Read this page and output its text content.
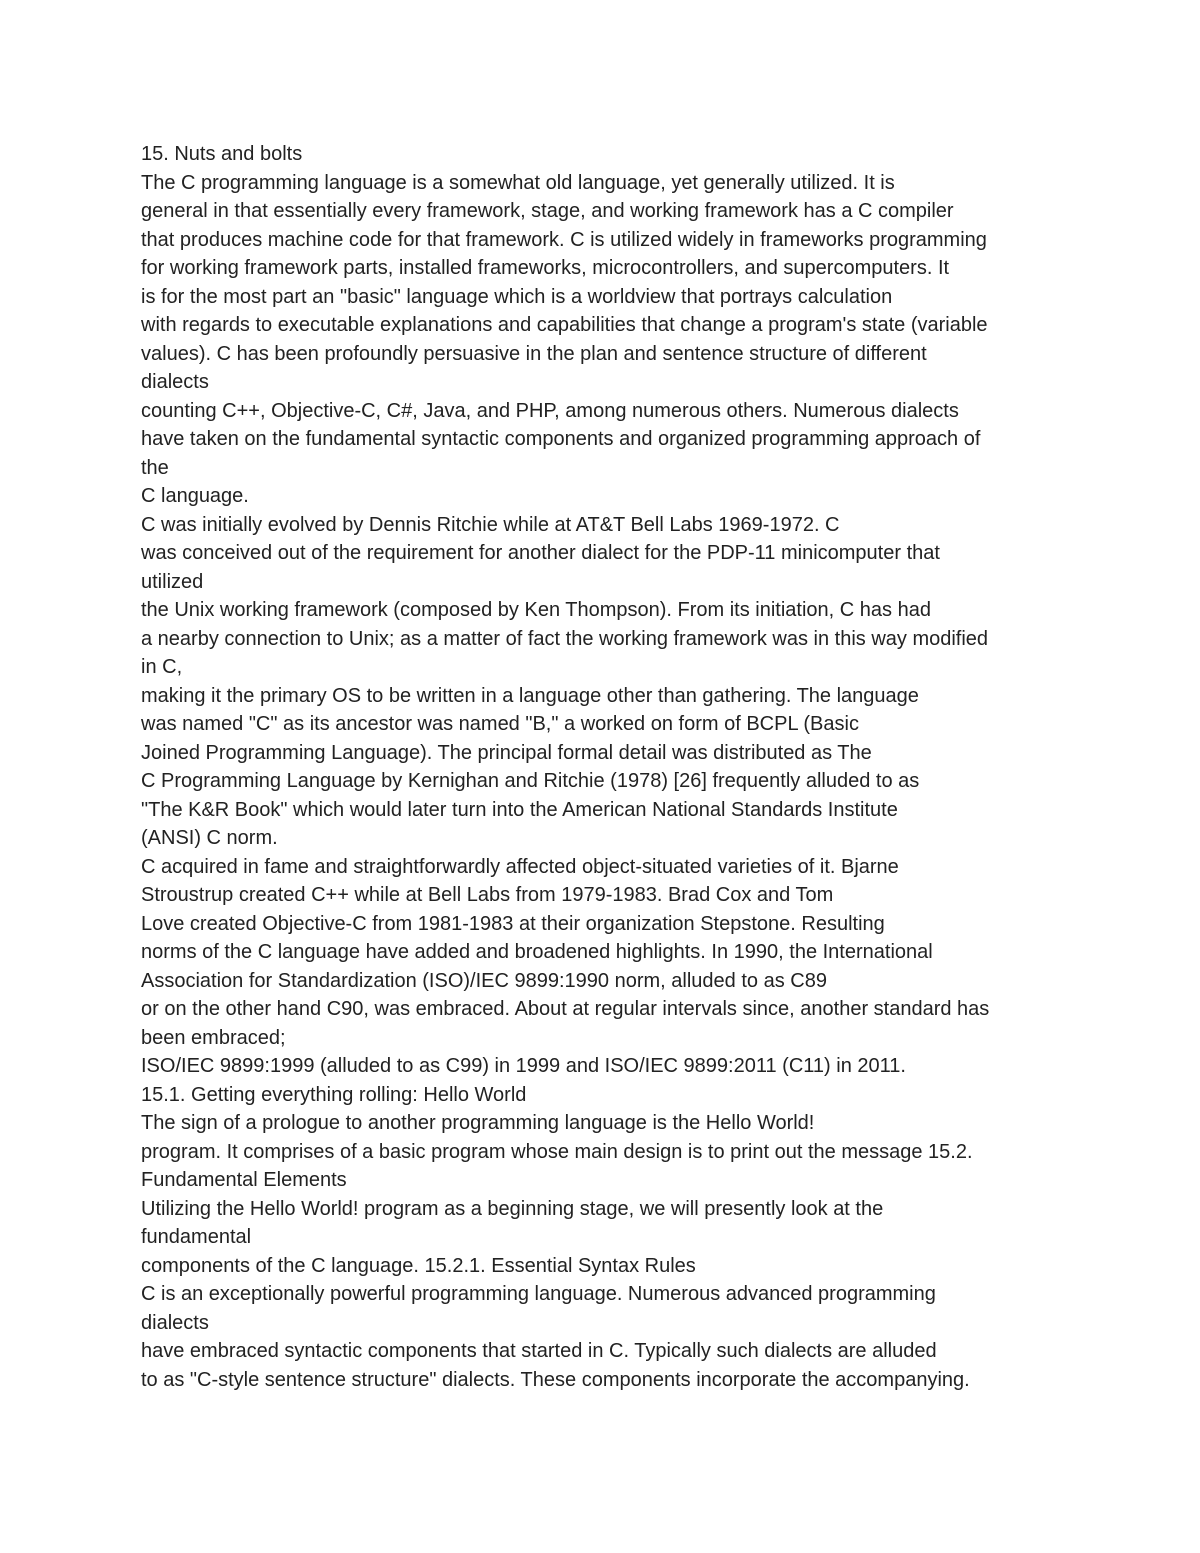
15. Nuts and bolts
The C programming language is a somewhat old language, yet generally utilized. It is
general in that essentially every framework, stage, and working framework has a C compiler
that produces machine code for that framework. C is utilized widely in frameworks programming
for working framework parts, installed frameworks, microcontrollers, and supercomputers. It
is for the most part an "basic" language which is a worldview that portrays calculation
with regards to executable explanations and capabilities that change a program's state (variable
values). C has been profoundly persuasive in the plan and sentence structure of different
dialects
counting C++, Objective-C, C#, Java, and PHP, among numerous others. Numerous dialects
have taken on the fundamental syntactic components and organized programming approach of
the
C language.
C was initially evolved by Dennis Ritchie while at AT&T Bell Labs 1969-1972. C
was conceived out of the requirement for another dialect for the PDP-11 minicomputer that
utilized
the Unix working framework (composed by Ken Thompson). From its initiation, C has had
a nearby connection to Unix; as a matter of fact the working framework was in this way modified
in C,
making it the primary OS to be written in a language other than gathering. The language
was named "C" as its ancestor was named "B," a worked on form of BCPL (Basic
Joined Programming Language). The principal formal detail was distributed as The
C Programming Language by Kernighan and Ritchie (1978) [26] frequently alluded to as
"The K&R Book" which would later turn into the American National Standards Institute
(ANSI) C norm.
C acquired in fame and straightforwardly affected object-situated varieties of it. Bjarne
Stroustrup created C++ while at Bell Labs from 1979-1983. Brad Cox and Tom
Love created Objective-C from 1981-1983 at their organization Stepstone. Resulting
norms of the C language have added and broadened highlights. In 1990, the International
Association for Standardization (ISO)/IEC 9899:1990 norm, alluded to as C89
or on the other hand C90, was embraced. About at regular intervals since, another standard has
been embraced;
ISO/IEC 9899:1999 (alluded to as C99) in 1999 and ISO/IEC 9899:2011 (C11) in 2011.
15.1. Getting everything rolling: Hello World
The sign of a prologue to another programming language is the Hello World!
program. It comprises of a basic program whose main design is to print out the message 15.2.
Fundamental Elements
Utilizing the Hello World! program as a beginning stage, we will presently look at the
fundamental
components of the C language. 15.2.1. Essential Syntax Rules
C is an exceptionally powerful programming language. Numerous advanced programming
dialects
have embraced syntactic components that started in C. Typically such dialects are alluded
to as "C-style sentence structure" dialects. These components incorporate the accompanying.
